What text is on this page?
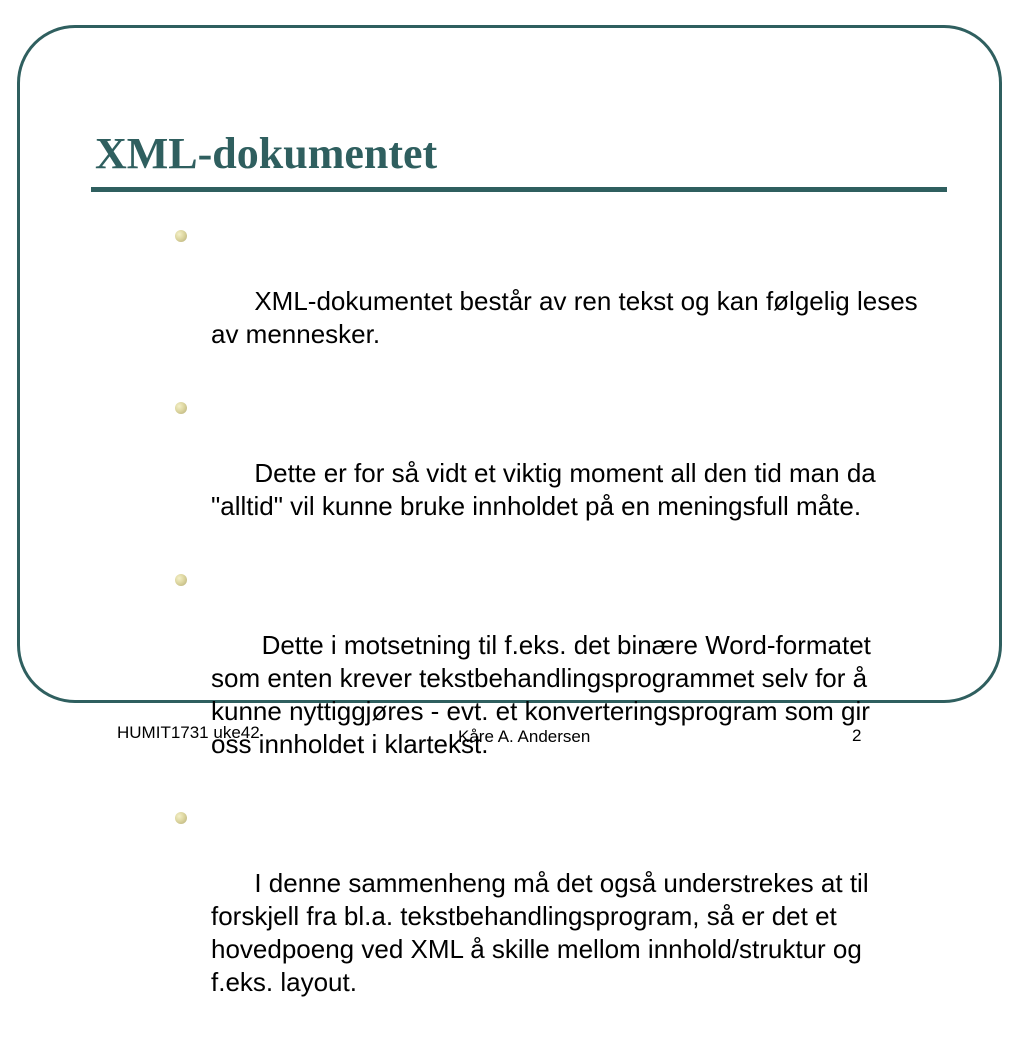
XML-dokumentet

XML-dokumentet består av ren tekst og kan følgelig leses
av mennesker.

Dette er for så vidt et viktig moment all den tid man da
"alltid" vil kunne bruke innholdet på en meningsfull måte.

Dette i motsetning til f.eks. det binære Word-formatet
som enten krever tekstbehandlingsprogrammet selv for å
kunne nyttiggjøres - evt. et konverteringsprogram som gir
oss innholdet i klartekst.

I denne sammenheng må det også understrekes at til
forskjell fra bl.a. tekstbehandlingsprogram, så er det et
hovedpoeng ved XML å skille mellom innhold/struktur og
f.eks. layout.

HUMIT1731 uke42	Kåre A. Andersen	2
